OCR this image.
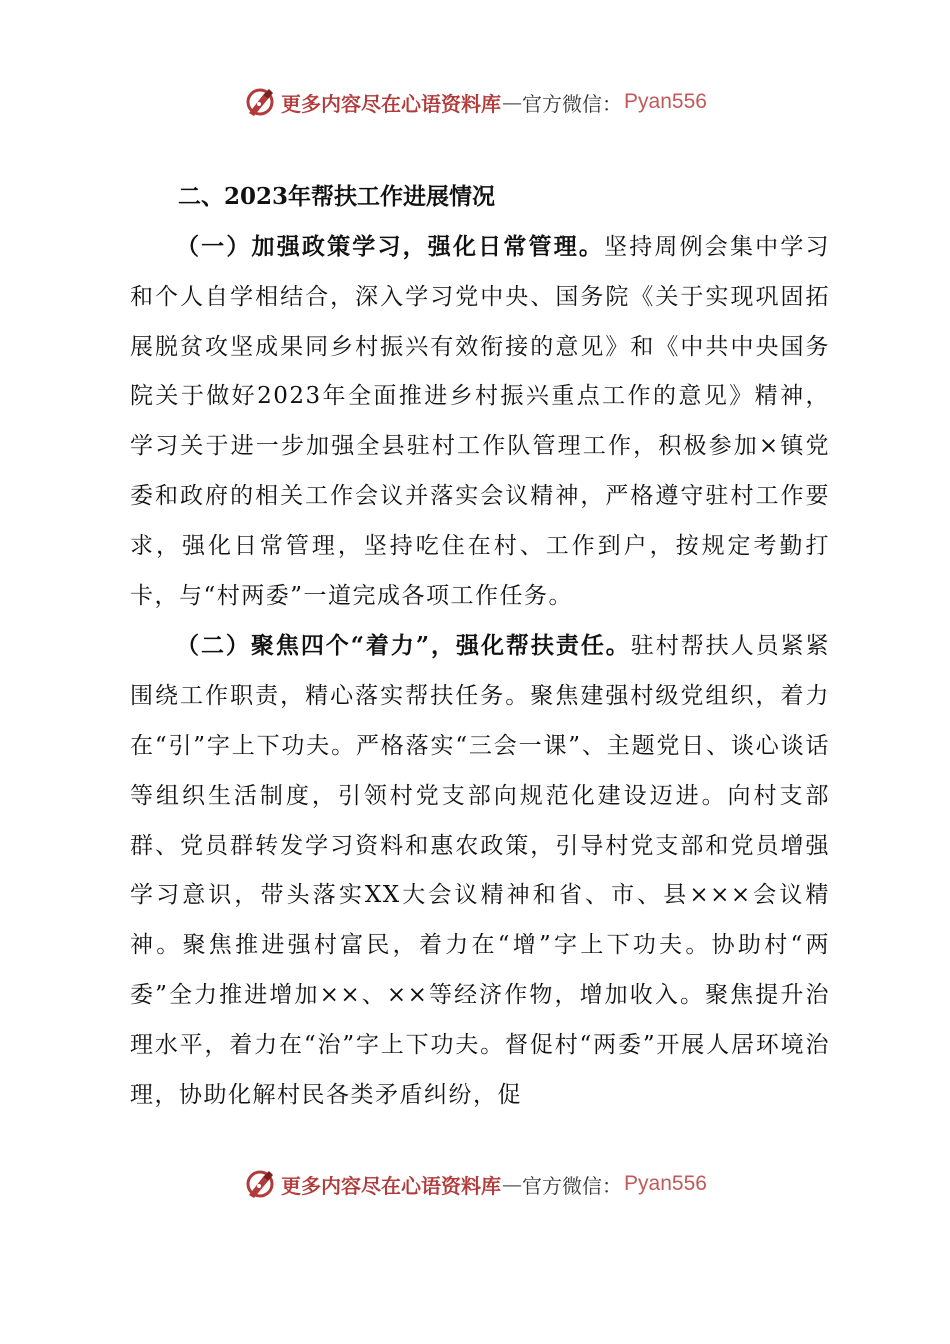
更多内容尽在心语资料库 — 官方微信： Pyan556
二、2023年帮扶工作进展情况

（一）加强政策学习，强化日常管理。坚持周例会集中学习和个人自学相结合，深入学习党中央、国务院《关于实现巩固拓展脱贫攻坚成果同乡村振兴有效衔接的意见》和《中共中央国务院关于做好2023年全面推进乡村振兴重点工作的意见》精神，学习关于进一步加强全县驻村工作队管理工作，积极参加×镇党委和政府的相关工作会议并落实会议精神，严格遵守驻村工作要求，强化日常管理，坚持吃住在村、工作到户，按规定考勤打卡，与“村两委”一道完成各项工作任务。

（二）聚焦四个“着力”，强化帮扶责任。驻村帮扶人员紧紧围绕工作职责，精心落实帮扶任务。聚焦建强村级党组织，着力在“引”字上下功夫。严格落实“三会一课”、主题党日、谈心谈话等组织生活制度，引领村党支部向规范化建设迈进。向村支部群、党员群转发学习资料和惠农政策，引导村党支部和党员增强学习意识，带头落实XX大会议精神和省、市、县×××会议精神。聚焦推进强村富民，着力在“增”字上下功夫。协助村“两委”全力推进增加××、××等经济作物，增加收入。聚焦提升治理水平，着力在“治”字上下功夫。督促村“两委”开展人居环境治理，协助化解村民各类矛盾纠纷，促

更多内容尽在心语资料库 — 官方微信： Pyan556
